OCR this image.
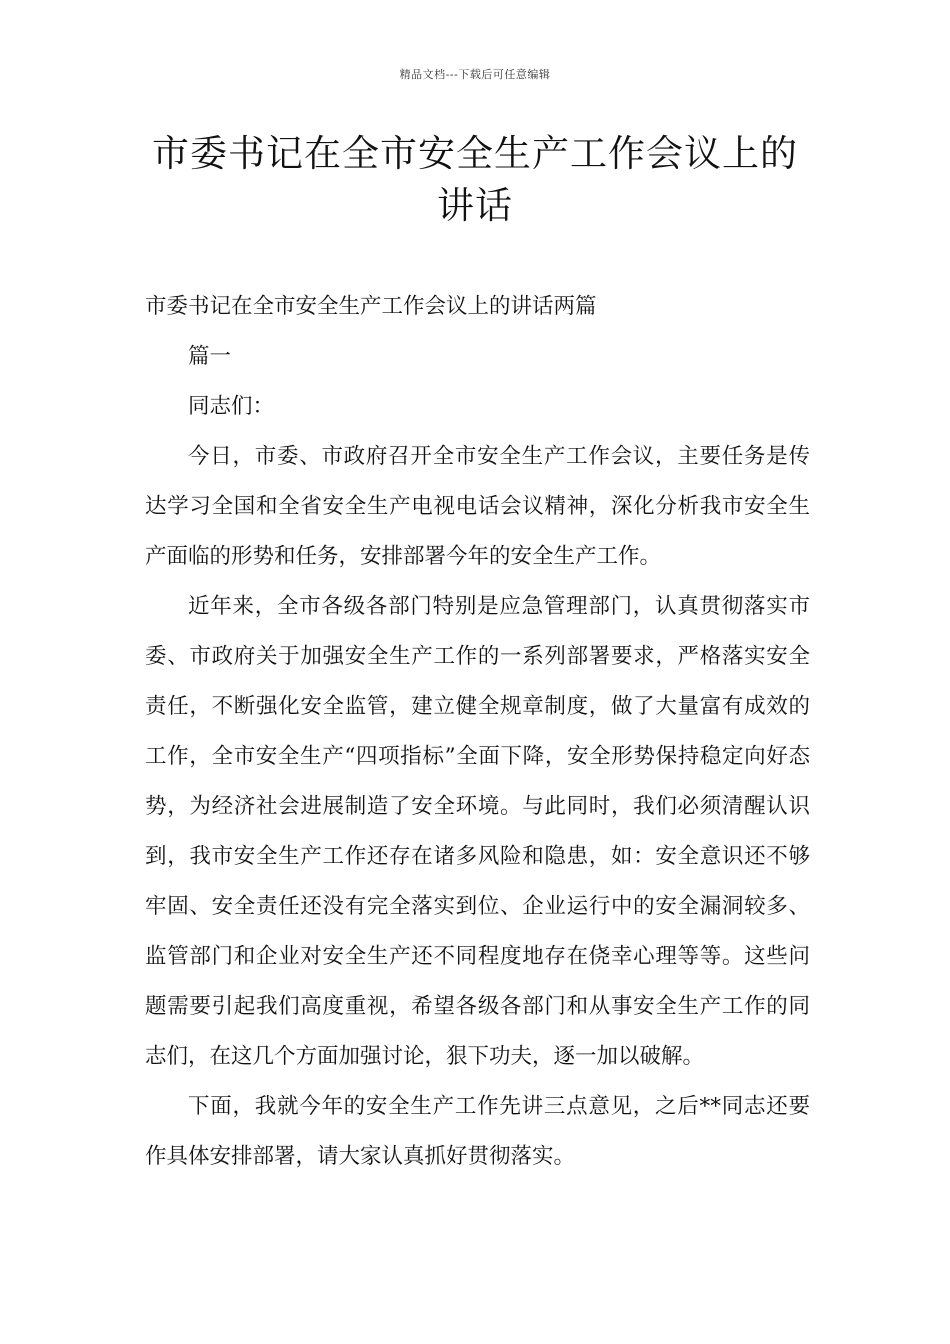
精品文档---下载后可任意编辑
市委书记在全市安全生产工作会议上的
讲话

市委书记在全市安全生产工作会议上的讲话两篇

篇一

同志们：

今日，市委、市政府召开全市安全生产工作会议，主要任务是传达学习全国和全省安全生产电视电话会议精神，深化分析我市安全生产面临的形势和任务，安排部署今年的安全生产工作。

近年来，全市各级各部门特别是应急管理部门，认真贯彻落实市委、市政府关于加强安全生产工作的一系列部署要求，严格落实安全责任，不断强化安全监管，建立健全规章制度，做了大量富有成效的工作，全市安全生产“四项指标”全面下降，安全形势保持稳定向好态势，为经济社会进展制造了安全环境。与此同时，我们必须清醒认识到，我市安全生产工作还存在诸多风险和隐患，如：安全意识还不够牢固、安全责任还没有完全落实到位、企业运行中的安全漏洞较多、监管部门和企业对安全生产还不同程度地存在侥幸心理等等。这些问题需要引起我们高度重视，希望各级各部门和从事安全生产工作的同志们，在这几个方面加强讨论，狠下功夫，逐一加以破解。

下面，我就今年的安全生产工作先讲三点意见，之后**同志还要作具体安排部署，请大家认真抓好贯彻落实。
